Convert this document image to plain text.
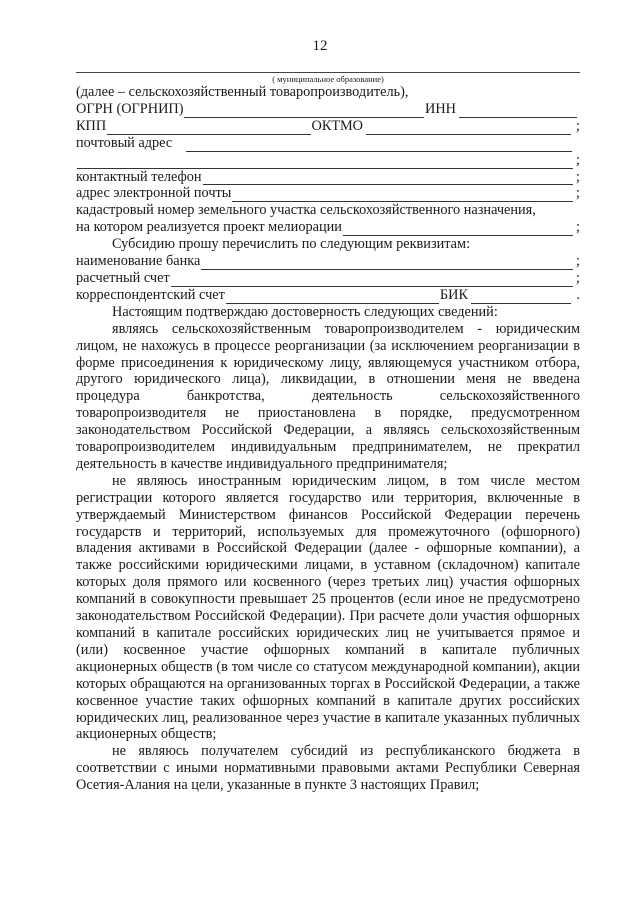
12
( муниципальное образование)

(далее – сельскохозяйственный товаропроизводитель),

ОГРН (ОГРНИП)	ИНН
КПП	ОКТМО	;
почтовый адрес
;
контактный телефон	;
адрес электронной почты	;

кадастровый номер земельного участка сельскохозяйственного назначения,

на котором реализуется проект мелиорации	;

Субсидию прошу перечислить по следующим реквизитам:

наименование банка	;
расчетный счет	;
корреспондентский счет	БИК	.

Настоящим подтверждаю достоверность следующих сведений:

являясь сельскохозяйственным товаропроизводителем - юридическим лицом, не нахожусь в процессе реорганизации (за исключением реорганизации в форме присоединения к юридическому лицу, являющемуся участником отбора, другого юридического лица), ликвидации, в отношении меня не введена процедура банкротства, деятельность сельскохозяйственного товаропроизводителя не приостановлена в порядке, предусмотренном законодательством Российской Федерации, а являясь сельскохозяйственным товаропроизводителем индивидуальным предпринимателем, не прекратил деятельность в качестве индивидуального предпринимателя;

не являюсь иностранным юридическим лицом, в том числе местом регистрации которого является государство или территория, включенные в утверждаемый Министерством финансов Российской Федерации перечень государств и территорий, используемых для промежуточного (офшорного) владения активами в Российской Федерации (далее - офшорные компании), а также российскими юридическими лицами, в уставном (складочном) капитале которых доля прямого или косвенного (через третьих лиц) участия офшорных компаний в совокупности превышает 25 процентов (если иное не предусмотрено законодательством Российской Федерации). При расчете доли участия офшорных компаний в капитале российских юридических лиц не учитывается прямое и (или) косвенное участие офшорных компаний в капитале публичных акционерных обществ (в том числе со статусом международной компании), акции которых обращаются на организованных торгах в Российской Федерации, а также косвенное участие таких офшорных компаний в капитале других российских юридических лиц, реализованное через участие в капитале указанных публичных акционерных обществ;

не являюсь получателем субсидий из республиканского бюджета в соответствии с иными нормативными правовыми актами Республики Северная Осетия-Алания на цели, указанные в пункте 3 настоящих Правил;
